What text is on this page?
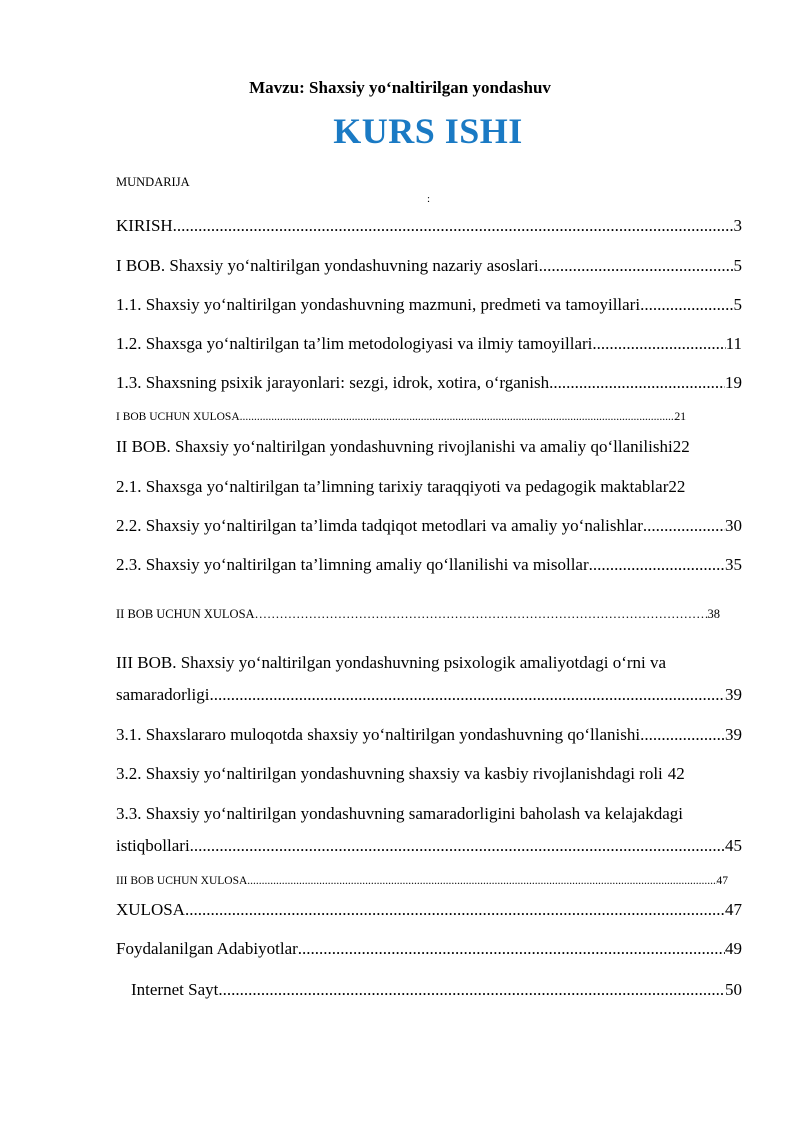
Mavzu: Shaxsiy yo‘naltirilgan yondashuv
KURS ISHI
MUNDARIJA
:
KIRISH .....	3
I BOB. Shaxsiy yo‘naltirilgan yondashuvning nazariy asoslari .....	5
1.1. Shaxsiy yo‘naltirilgan yondashuvning mazmuni, predmeti va tamoyillari .....	5
1.2. Shaxsga yo‘naltirilgan ta’lim metodologiyasi va ilmiy tamoyillari .....	11
1.3. Shaxsning psixik jarayonlari: sezgi, idrok, xotira, o‘rganish .....	19
I BOB UCHUN XULOSA .....	21
II BOB. Shaxsiy yo‘naltirilgan yondashuvning rivojlanishi va amaliy qo‘llanilishi 22
2.1. Shaxsga yo‘naltirilgan ta’limning tarixiy taraqqiyoti va pedagogik maktablar 22
2.2. Shaxsiy yo‘naltirilgan ta’limda tadqiqot metodlari va amaliy yo‘nalishlar .....	30
2.3. Shaxsiy yo‘naltirilgan ta’limning amaliy qo‘llanilishi va misollar .....	35
II BOB UCHUN XULOSA …………………………………………………………………………………………………………………………………………………………	38
III BOB. Shaxsiy yo‘naltirilgan yondashuvning psixologik amaliyotdagi o‘rni va
samaradorligi .....	39
3.1. Shaxslararo muloqotda shaxsiy yo‘naltirilgan yondashuvning qo‘llanishi .....	39
3.2. Shaxsiy yo‘naltirilgan yondashuvning shaxsiy va kasbiy rivojlanishdagi roli 42
3.3. Shaxsiy yo‘naltirilgan yondashuvning samaradorligini baholash va kelajakdagi
istiqbollari .....	45
III BOB UCHUN XULOSA .....	47
XULOSA .....	47
Foydalanilgan Adabiyotlar .....	49
Internet Sayt .....	50
